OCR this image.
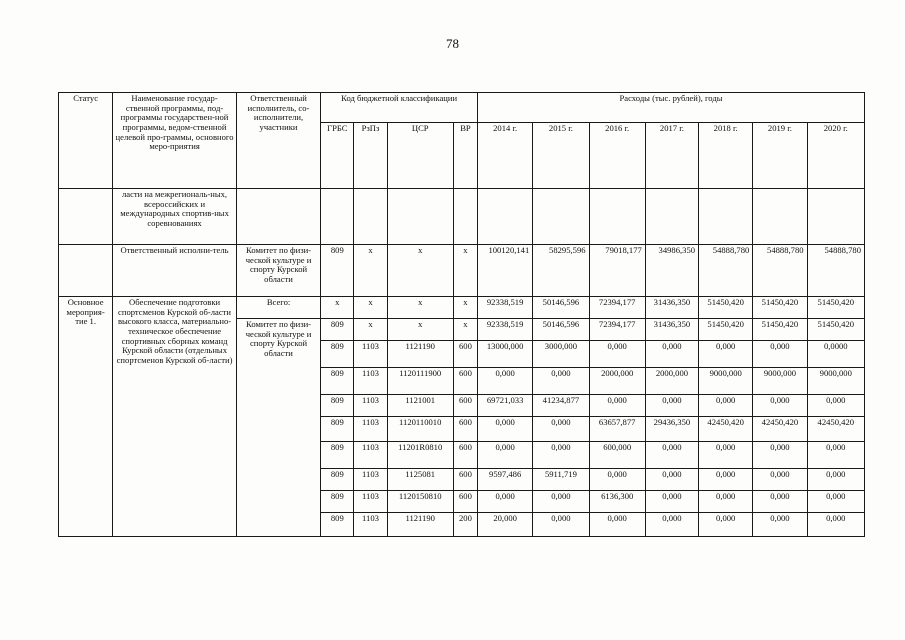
78
Статус	Наименование государ-ственной программы, под-программы государствен-ной программы, ведом-ственной целевой про-граммы, основного меро-приятия	Ответственный исполнитель, со-исполнители, участники	Код бюджетной классификации				Расходы (тыс. рублей), годы						
			ГРБС	РзПз	ЦСР	ВР	2014 г.	2015 г.	2016 г.	2017 г.	2018 г.	2019 г.	2020 г.
	ласти на межрегиональ-ных, всероссийских и международных спортив-ных соревнованиях												
	Ответственный исполни-тель	Комитет по физи-ческой культуре и спорту Курской области	809	x	x	x	100120,141	58295,596	79018,177	34986,350	54888,780	54888,780	54888,780
Основное мероприя-тие 1.	Обеспечение подготовки спортсменов Курской об-ласти высокого класса, материально-техническое обеспечение спортивных сборных команд Курской области (отдельных спортсменов Курской об-ласти)	Всего:	x	x	x	x	92338,519	50146,596	72394,177	31436,350	51450,420	51450,420	51450,420
		Комитет по физи-ческой культуре и спорту Курской области	809	x	x	x	92338,519	50146,596	72394,177	31436,350	51450,420	51450,420	51450,420
			809	1103	1121190	600	13000,000	3000,000	0,000	0,000	0,000	0,000	0,0000
			809	1103	1120111900	600	0,000	0,000	2000,000	2000,000	9000,000	9000,000	9000,000
			809	1103	1121001	600	69721,033	41234,877	0,000	0,000	0,000	0,000	0,000
			809	1103	1120110010	600	0,000	0,000	63657,877	29436,350	42450,420	42450,420	42450,420
			809	1103	11201R0810	600	0,000	0,000	600,000	0,000	0,000	0,000	0,000
			809	1103	1125081	600	9597,486	5911,719	0,000	0,000	0,000	0,000	0,000
			809	1103	1120150810	600	0,000	0,000	6136,300	0,000	0,000	0,000	0,000
			809	1103	1121190	200	20,000	0,000	0,000	0,000	0,000	0,000	0,000
